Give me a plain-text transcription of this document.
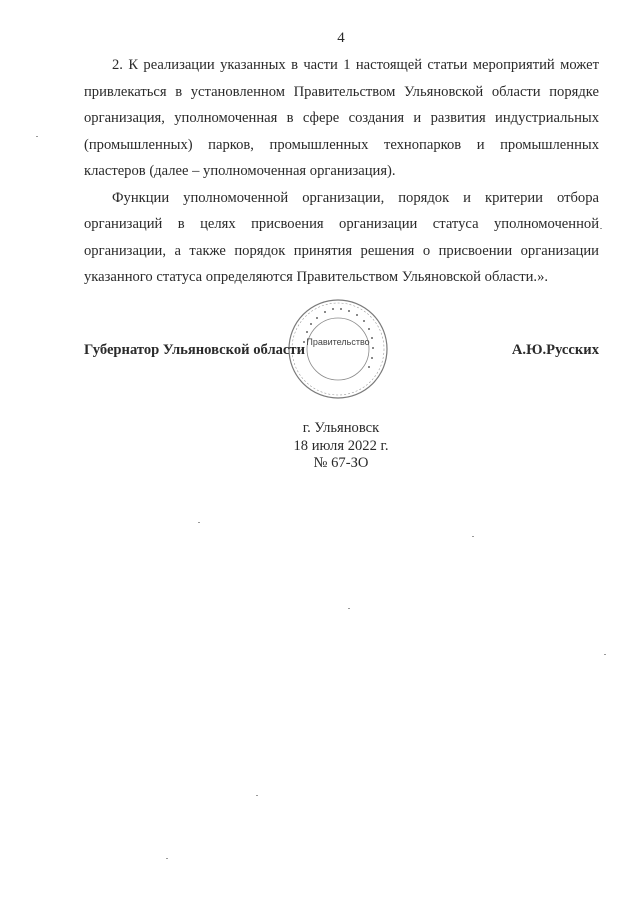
4

2. К реализации указанных в части 1 настоящей статьи мероприятий может привлекаться в установленном Правительством Ульяновской области порядке организация, уполномоченная в сфере создания и развития индустриальных (промышленных) парков, промышленных технопарков и промышленных кластеров (далее – уполномоченная организация).

Функции уполномоченной организации, порядок и критерии отбора организаций в целях присвоения организации статуса уполномоченной организации, а также порядок принятия решения о присвоении организации указанного статуса определяются Правительством Ульяновской области.».

Правительство
Губернатор Ульяновской области	А.Ю.Русских
г. Ульяновск
18 июля 2022 г.
№ 67-ЗО
